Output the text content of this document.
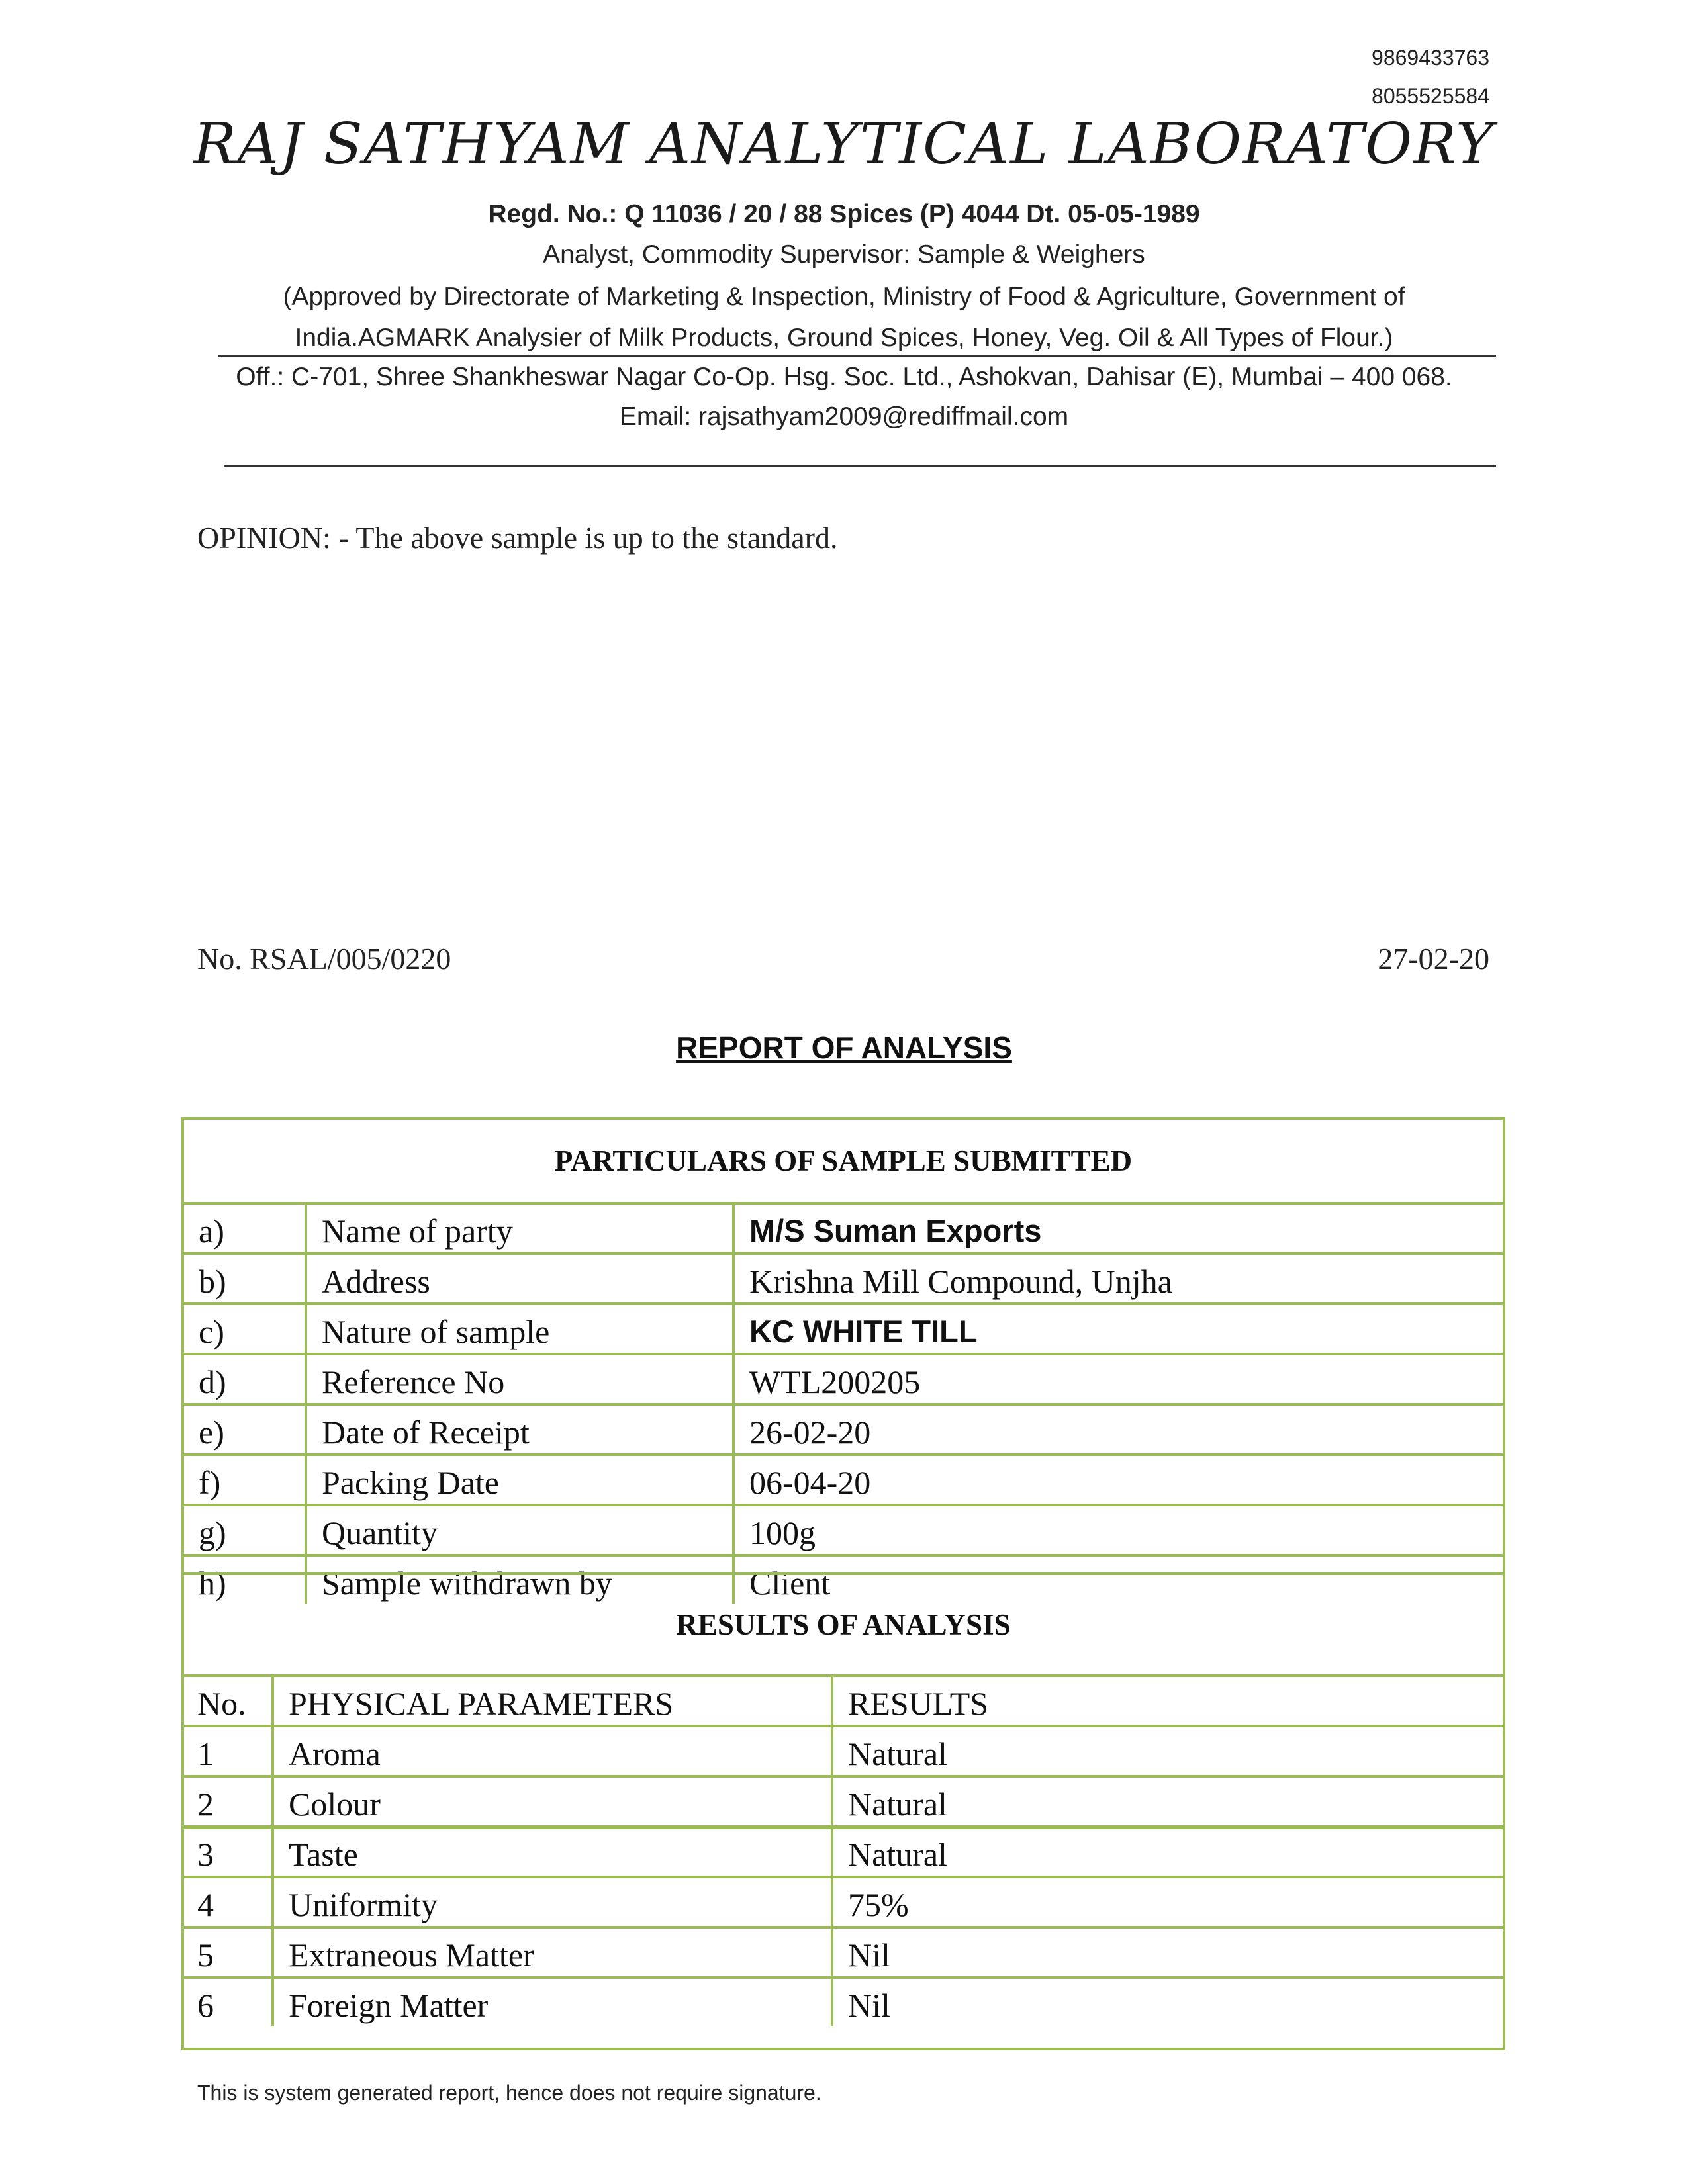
9869433763
8055525584
RAJ SATHYAM ANALYTICAL LABORATORY
Regd. No.: Q 11036 / 20 / 88 Spices (P) 4044 Dt. 05-05-1989
Analyst, Commodity Supervisor: Sample & Weighers
(Approved by Directorate of Marketing & Inspection, Ministry of Food & Agriculture, Government of
India.AGMARK Analysier of Milk Products, Ground Spices, Honey, Veg. Oil & All Types of Flour.)
Off.: C-701, Shree Shankheswar Nagar Co-Op. Hsg. Soc. Ltd., Ashokvan, Dahisar (E), Mumbai – 400 068.
Email: rajsathyam2009@rediffmail.com
OPINION: - The above sample is up to the standard.
No. RSAL/005/0220	27-02-20
REPORT OF ANALYSIS
PARTICULARS OF SAMPLE SUBMITTED
a)	Name of party	M/S Suman Exports
b)	Address	Krishna Mill Compound, Unjha
c)	Nature of sample	KC WHITE TILL
d)	Reference No	WTL200205
e)	Date of Receipt	26-02-20
f)	Packing Date	06-04-20
g)	Quantity	100g
h)	Sample withdrawn by	Client

No.	PHYSICAL PARAMETERS	RESULTS
1	Aroma	Natural
2	Colour	Natural
3	Taste	Natural
4	Uniformity	75%
5	Extraneous Matter	Nil
6	Foreign Matter	Nil
RESULTS OF ANALYSIS
This is system generated report, hence does not require signature.
